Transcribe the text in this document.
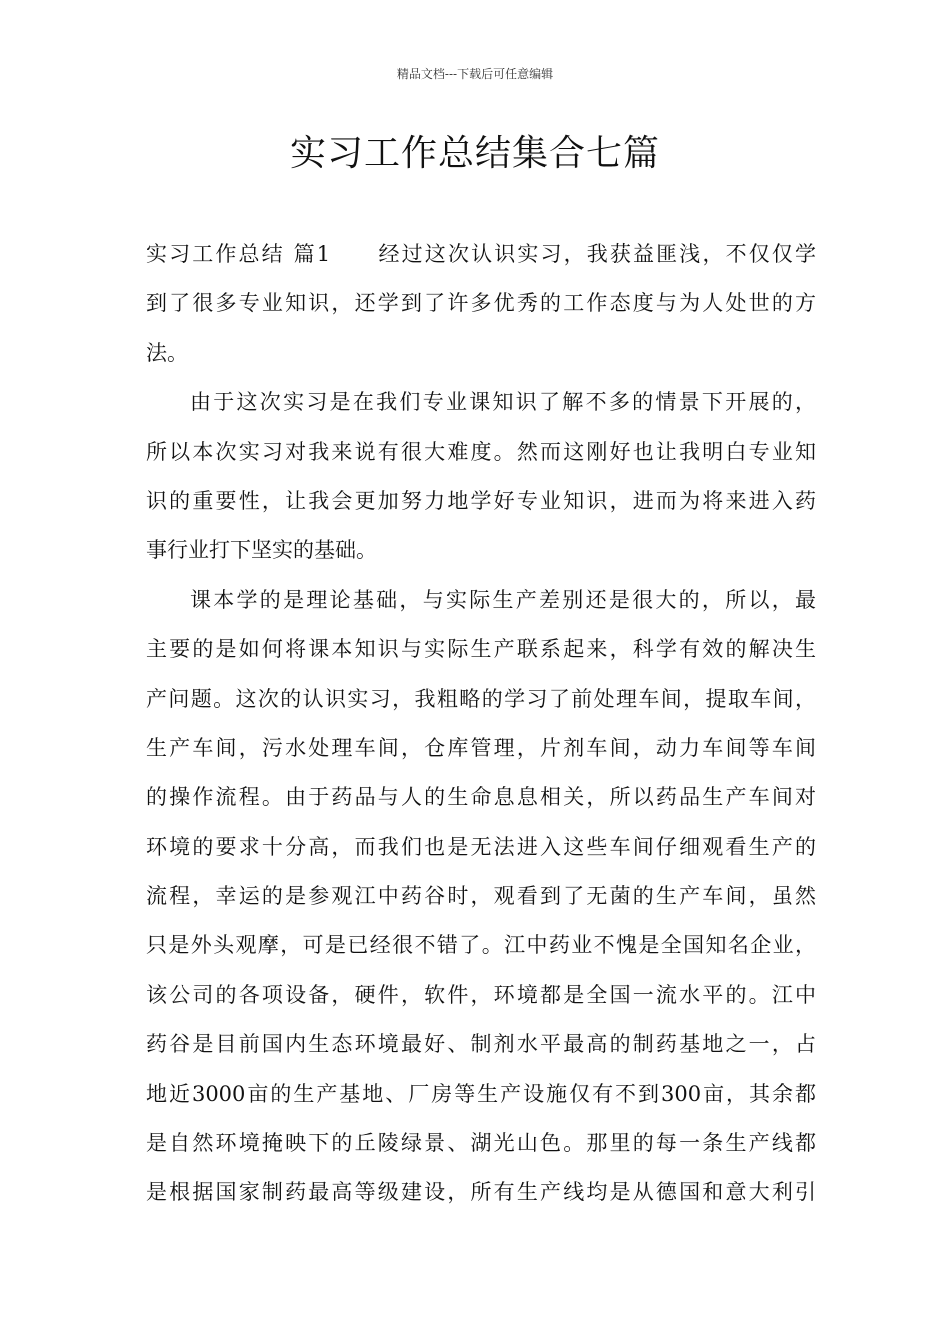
精品文档---下载后可任意编辑
实习工作总结集合七篇
实习工作总结 篇1　　经过这次认识实习，我获益匪浅，不仅仅学
到了很多专业知识，还学到了许多优秀的工作态度与为人处世的方
法。
由于这次实习是在我们专业课知识了解不多的情景下开展的，
所以本次实习对我来说有很大难度。然而这刚好也让我明白专业知
识的重要性，让我会更加努力地学好专业知识，进而为将来进入药
事行业打下坚实的基础。
课本学的是理论基础，与实际生产差别还是很大的，所以，最
主要的是如何将课本知识与实际生产联系起来，科学有效的解决生
产问题。这次的认识实习，我粗略的学习了前处理车间，提取车间，
生产车间，污水处理车间，仓库管理，片剂车间，动力车间等车间
的操作流程。由于药品与人的生命息息相关，所以药品生产车间对
环境的要求十分高，而我们也是无法进入这些车间仔细观看生产的
流程，幸运的是参观江中药谷时，观看到了无菌的生产车间，虽然
只是外头观摩，可是已经很不错了。江中药业不愧是全国知名企业，
该公司的各项设备，硬件，软件，环境都是全国一流水平的。江中
药谷是目前国内生态环境最好、制剂水平最高的制药基地之一，占
地近3000亩的生产基地、厂房等生产设施仅有不到300亩，其余都
是自然环境掩映下的丘陵绿景、湖光山色。那里的每一条生产线都
是根据国家制药最高等级建设，所有生产线均是从德国和意大利引
